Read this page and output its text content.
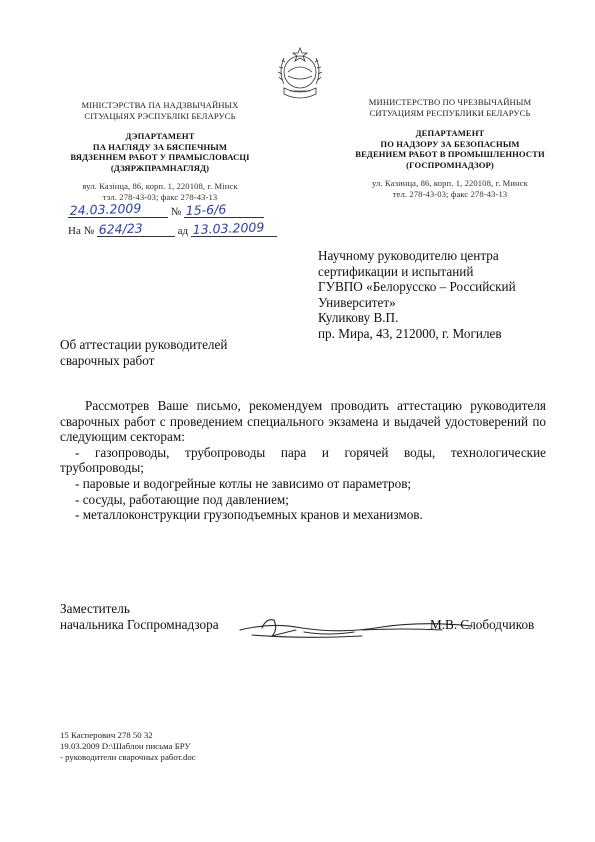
МІНІСТЭРСТВА ПА НАДЗВЫЧАЙНЫХ
СІТУАЦЫЯХ РЭСПУБЛІКІ БЕЛАРУСЬ
ДЭПАРТАМЕНТ
ПА НАГЛЯДУ ЗА БЯСПЕЧНЫМ
ВЯДЗЕННЕМ РАБОТ У ПРАМЫСЛОВАСЦІ
(ДЗЯРЖПРАМНАГЛЯД)
вул. Казінца, 86, корп. 1, 220108, г. Мінск
тэл. 278-43-03; факс 278-43-13
МИНИСТЕРСТВО ПО ЧРЕЗВЫЧАЙНЫМ
СИТУАЦИЯМ РЕСПУБЛИКИ БЕЛАРУСЬ
ДЕПАРТАМЕНТ
ПО НАДЗОРУ ЗА БЕЗОПАСНЫМ
ВЕДЕНИЕМ РАБОТ В ПРОМЫШЛЕННОСТИ
(ГОСПРОМНАДЗОР)
ул. Казинца, 86, корп. 1, 220108, г. Минск
тел. 278-43-03; факс 278-43-13
24.03.2009	№ 15-6/6
На № 624/23	ад 13.03.2009
Научному руководителю центра
сертификации и испытаний
ГУВПО «Белорусско – Российский
Университет»
Куликову В.П.
пр. Мира, 43, 212000, г. Могилев
Об аттестации руководителей
сварочных работ

Рассмотрев Ваше письмо, рекомендуем проводить аттестацию руководителя сварочных работ с проведением специального экзамена и выдачей удостоверений по следующим секторам:

- газопроводы, трубопроводы пара и горячей воды, технологические трубопроводы;

- паровые и водогрейные котлы не зависимо от параметров;

- сосуды, работающие под давлением;

- металлоконструкции грузоподъемных кранов и механизмов.

Заместитель
начальника Госпромнадзора	М.В. Слободчиков
15 Касперович 278 50 32
19.03.2009 D:\Шаблон письма БРУ
- руководители сварочных работ.doc
